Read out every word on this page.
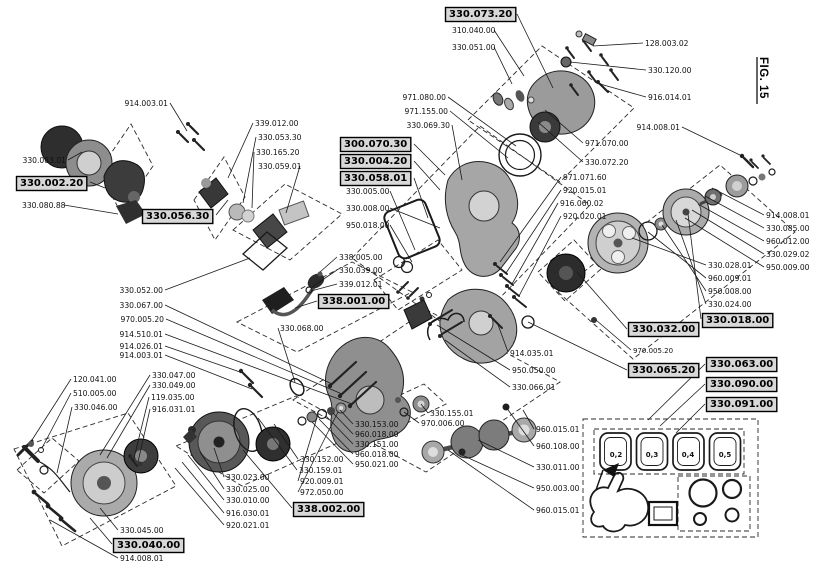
914.003.01
330.083.01
330.002.20
330.080.88
330.056.30
339.012.00
330.053.30
330.165.20
330.059.01
330.073.20
310.040.00
330.051.00	128.003.02
330.120.00
916.014.01
971.080.00
971.155.00
330.069.30
971.070.00
330.072.20
300.070.30
330.004.20
330.058.01
330.005.00
330.008.00
950.018.00
338.005.00
330.039.00
339.012.01
338.001.00
330.052.00
330.067.00
970.005.20
914.510.01
914.026.01
914.003.01
330.068.00
914.035.01
950.050.00
330.066.01
971.071.60
920.015.01
916.060.02
920.020.01
914.008.01
914.008.01
330.085.00
960.012.00
330.029.02
950.009.00
330.028.01
960.009.01
950.008.00
330.024.00
330.018.00
330.032.00
970.005.20
330.065.20
330.063.00
330.090.00
330.091.00
120.041.00
510.005.00
330.046.00
330.047.00
330.049.00
119.035.00
916.031.01
330.045.00
330.040.00
914.008.01
330.023.00
330.025.00
330.010.00
916.030.01
920.021.01
330.152.00
330.159.01
920.009.01
972.050.00
338.002.00
330.153.00
960.018.00
330.151.00
960.018.00
950.021.00
330.155.01
970.006.00
960.015.01
960.108.00
330.011.00
950.003.00
960.015.01
0,2	0,3	0,4	0,5
FIG. 15
